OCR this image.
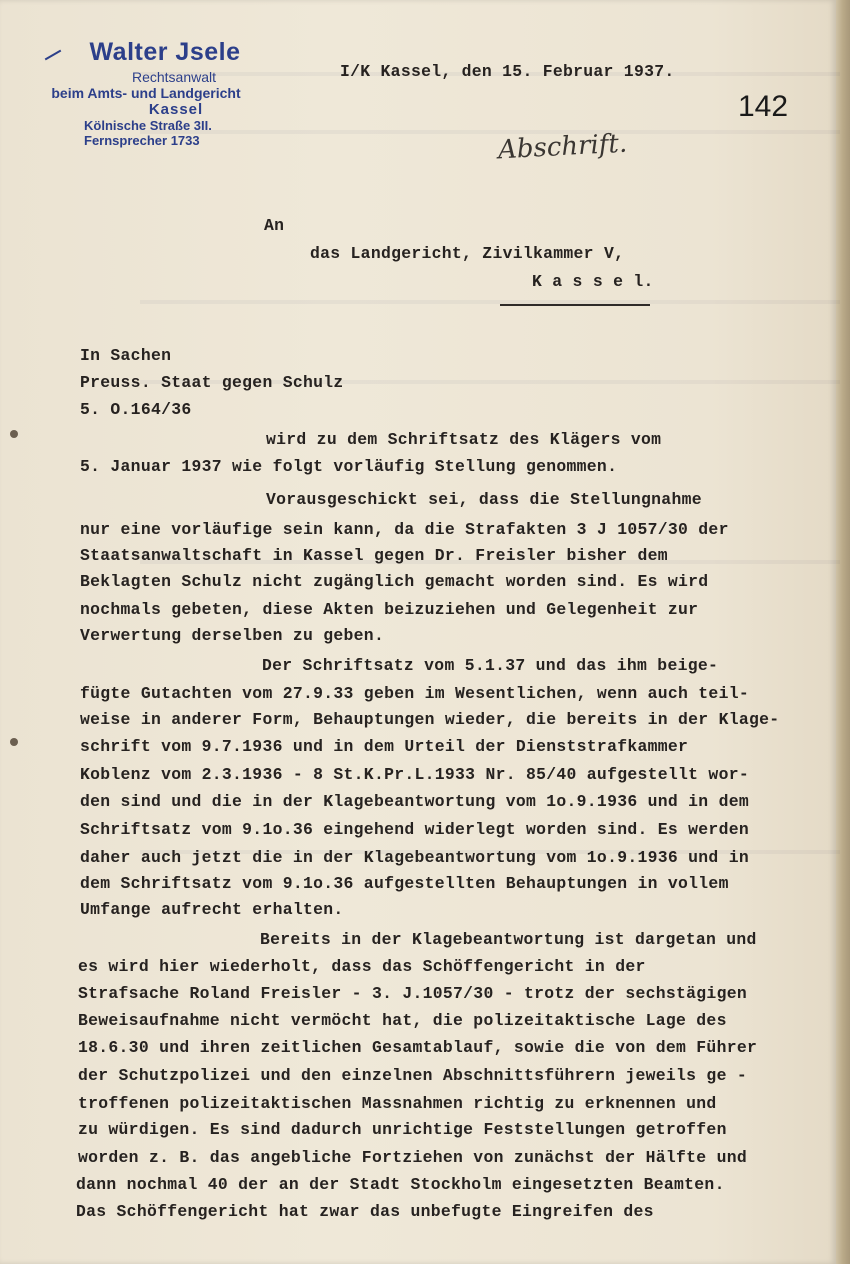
Walter Jsele
Rechtsanwalt
beim Amts- und Landgericht
Kassel
Kölnische Straße 3II.
Fernsprecher 1733
I/K Kassel, den 15. Februar 1937.
142
Abschrift.
An
das Landgericht, Zivilkammer V,
K a s s e l.
In Sachen
Preuss. Staat gegen Schulz
5. O.164/36
wird zu dem Schriftsatz des Klägers vom
5. Januar 1937 wie folgt vorläufig Stellung genommen.
Vorausgeschickt sei, dass die Stellungnahme
nur eine vorläufige sein kann, da die Strafakten 3 J 1057/30 der
Staatsanwaltschaft in Kassel gegen Dr. Freisler bisher dem
Beklagten Schulz nicht zugänglich gemacht worden sind. Es wird
nochmals gebeten, diese Akten beizuziehen und Gelegenheit zur
Verwertung derselben zu geben.
Der Schriftsatz vom 5.1.37 und das ihm beige-
fügte Gutachten vom 27.9.33 geben im Wesentlichen, wenn auch teil-
weise in anderer Form, Behauptungen wieder, die bereits in der Klage-
schrift vom 9.7.1936 und in dem Urteil der Dienststrafkammer
Koblenz vom 2.3.1936 - 8 St.K.Pr.L.1933 Nr. 85/40 aufgestellt wor-
den sind und die in der Klagebeantwortung vom 1o.9.1936 und in dem
Schriftsatz vom 9.1o.36 eingehend widerlegt worden sind. Es werden
daher auch jetzt die in der Klagebeantwortung vom 1o.9.1936 und in
dem Schriftsatz vom 9.1o.36 aufgestellten Behauptungen in vollem
Umfange aufrecht erhalten.
Bereits in der Klagebeantwortung ist dargetan und
es wird hier wiederholt, dass das Schöffengericht in der
Strafsache Roland Freisler - 3. J.1057/30 - trotz der sechstägigen
Beweisaufnahme nicht vermöcht hat, die polizeitaktische Lage des
18.6.30 und ihren zeitlichen Gesamtablauf, sowie die von dem Führer
der Schutzpolizei und den einzelnen Abschnittsführern jeweils ge -
troffenen polizeitaktischen Massnahmen richtig zu erknennen und
zu würdigen. Es sind dadurch unrichtige Feststellungen getroffen
worden z. B. das angebliche Fortziehen von zunächst der Hälfte und
dann nochmal 40 der an der Stadt Stockholm eingesetzten Beamten.
Das Schöffengericht hat zwar das unbefugte Eingreifen des
